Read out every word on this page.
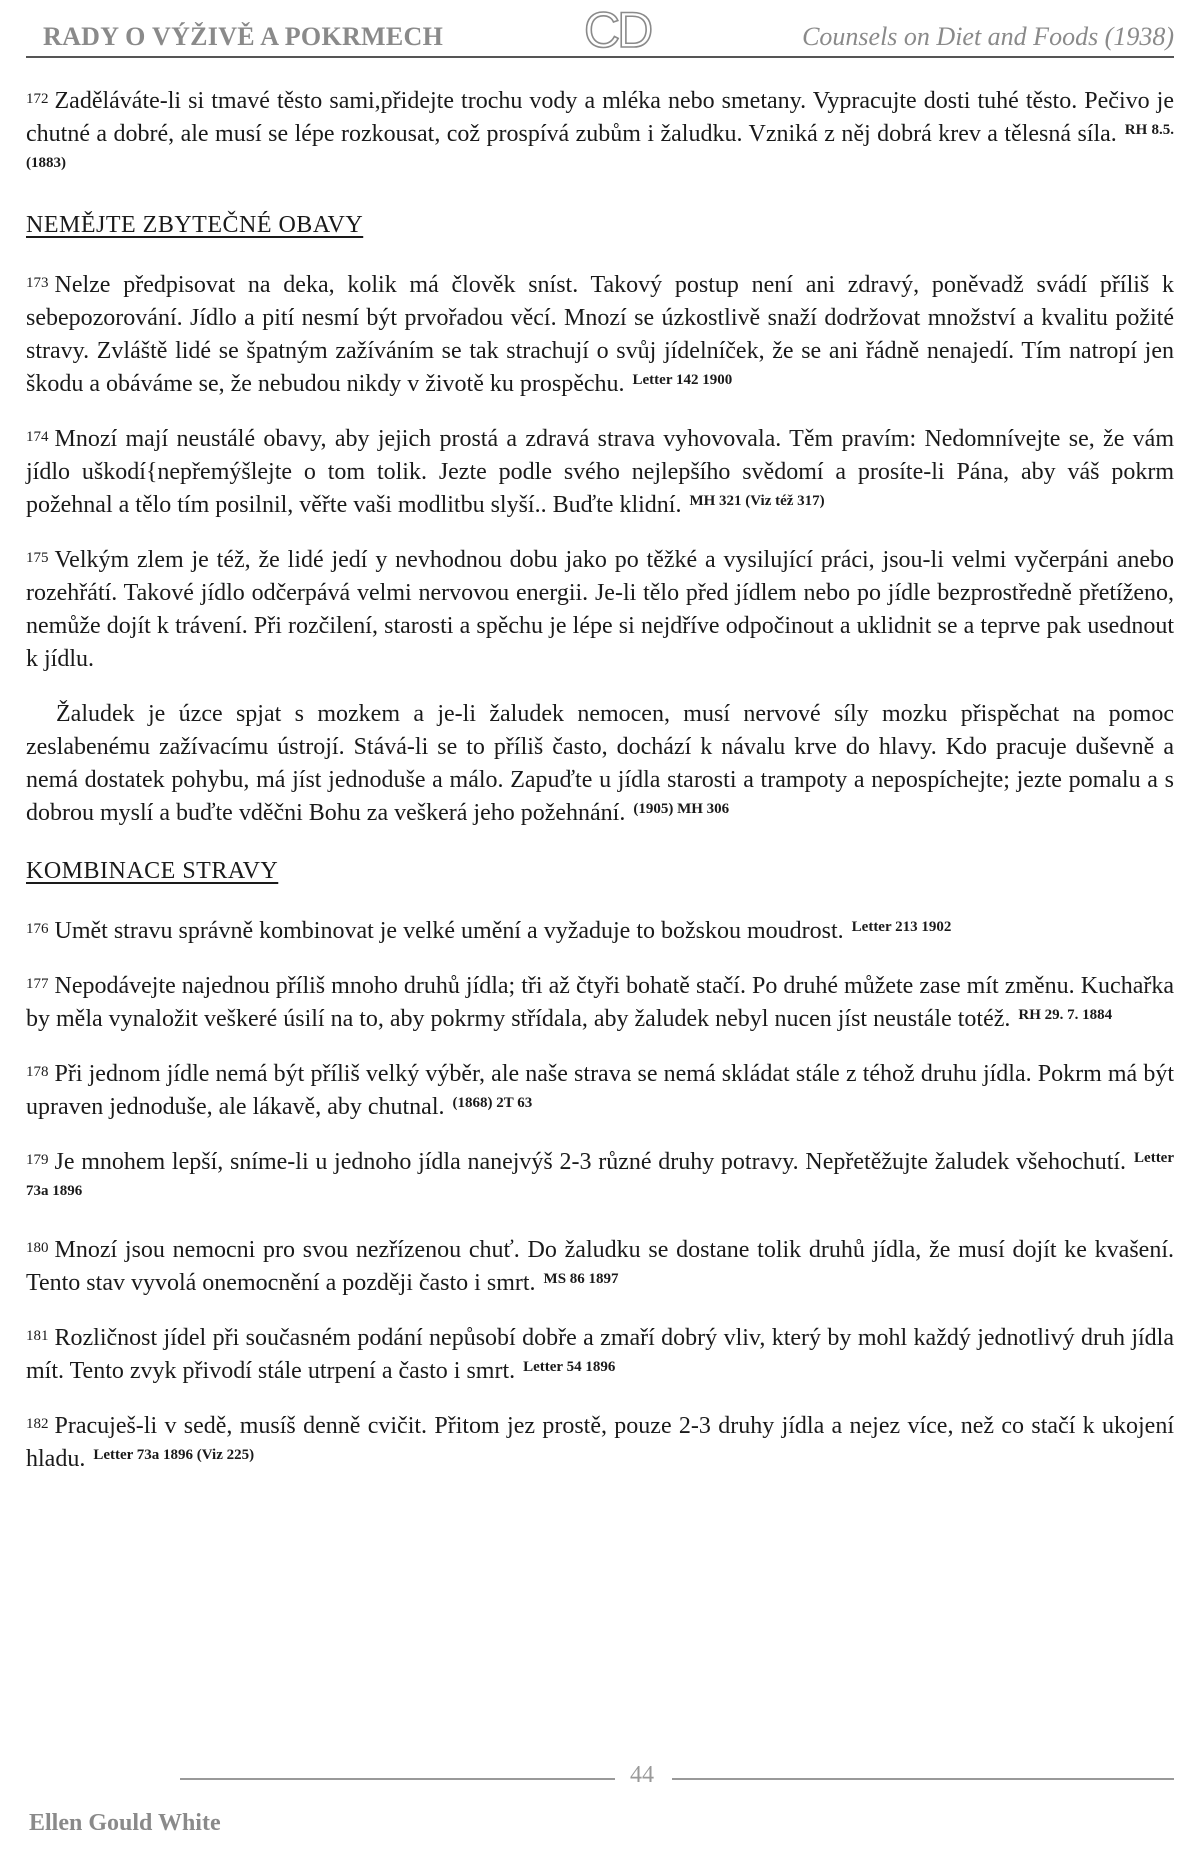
RADY O VÝŽIVĚ A POKRMECH	CD	Counsels on Diet and Foods (1938)

$^{172}$ Zaděláváte-li si tmavé těsto sami,přidejte trochu vody a mléka nebo smetany. Vypracujte dosti tuhé těsto. Pečivo je chutné a dobré, ale musí se lépe rozkousat, což prospívá zubům i žaludku. Vzniká z něj dobrá krev a tělesná síla. $^{RH 8.5. (1883)}$

NEMĚJTE ZBYTEČNÉ OBAVY

$^{173}$ Nelze předpisovat na deka, kolik má člověk sníst. Takový postup není ani zdravý, poněvadž svádí příliš k sebepozorování. Jídlo a pití nesmí být prvořadou věcí. Mnozí se úzkostlivě snaží dodržovat množství a kvalitu požité stravy. Zvláště lidé se špatným zažíváním se tak strachují o svůj jídelníček, že se ani řádně nenajedí. Tím natropí jen škodu a obáváme se, že nebudou nikdy v životě ku prospěchu. $^{Letter 142 1900}$

$^{174}$ Mnozí mají neustálé obavy, aby jejich prostá a zdravá strava vyhovovala. Těm pravím: Nedomnívejte se, že vám jídlo uškodí{nepřemýšlejte o tom tolik. Jezte podle svého nejlepšího svědomí a prosíte-li Pána, aby váš pokrm požehnal a tělo tím posilnil, věřte vaši modlitbu slyší.. Buďte klidní. $^{MH 321 (Viz též 317)}$

$^{175}$ Velkým zlem je též, že lidé jedí y nevhodnou dobu jako po těžké a vysilující práci, jsou-li velmi vyčerpáni anebo rozehřátí. Takové jídlo odčerpává velmi nervovou energii. Je-li tělo před jídlem nebo po jídle bezprostředně přetíženo, nemůže dojít k trávení. Při rozčilení, starosti a spěchu je lépe si nejdříve odpočinout a uklidnit se a teprve pak usednout k jídlu.

Žaludek je úzce spjat s mozkem a je-li žaludek nemocen, musí nervové síly mozku přispěchat na pomoc zeslabenému zažívacímu ústrojí. Stává-li se to příliš často, dochází k návalu krve do hlavy. Kdo pracuje duševně a nemá dostatek pohybu, má jíst jednoduše a málo. Zapuďte u jídla starosti a trampoty a nepospíchejte; jezte pomalu a s dobrou myslí a buďte vděčni Bohu za veškerá jeho požehnání. $^{(1905) MH 306}$

KOMBINACE STRAVY

$^{176}$ Umět stravu správně kombinovat je velké umění a vyžaduje to božskou moudrost. $^{Letter 213 1902}$

$^{177}$ Nepodávejte najednou příliš mnoho druhů jídla; tři až čtyři bohatě stačí. Po druhé můžete zase mít změnu. Kuchařka by měla vynaložit veškeré úsilí na to, aby pokrmy střídala, aby žaludek nebyl nucen jíst neustále totéž. $^{RH 29. 7. 1884}$

$^{178}$ Při jednom jídle nemá být příliš velký výběr, ale naše strava se nemá skládat stále z téhož druhu jídla. Pokrm má být upraven jednoduše, ale lákavě, aby chutnal. $^{(1868) 2T 63}$

$^{179}$ Je mnohem lepší, sníme-li u jednoho jídla nanejvýš 2-3 různé druhy potravy. Nepřetěžujte žaludek všehochutí. $^{Letter 73a 1896}$

$^{180}$ Mnozí jsou nemocni pro svou nezřízenou chuť. Do žaludku se dostane tolik druhů jídla, že musí dojít ke kvašení. Tento stav vyvolá onemocnění a později často i smrt. $^{MS 86 1897}$

$^{181}$ Rozličnost jídel při současném podání nepůsobí dobře a zmaří dobrý vliv, který by mohl každý jednotlivý druh jídla mít. Tento zvyk přivodí stále utrpení a často i smrt. $^{Letter 54 1896}$

$^{182}$ Pracuješ-li v sedě, musíš denně cvičit. Přitom jez prostě, pouze 2-3 druhy jídla a nejez více, než co stačí k ukojení hladu. $^{Letter 73a 1896 (Viz 225)}$

44
Ellen Gould White
